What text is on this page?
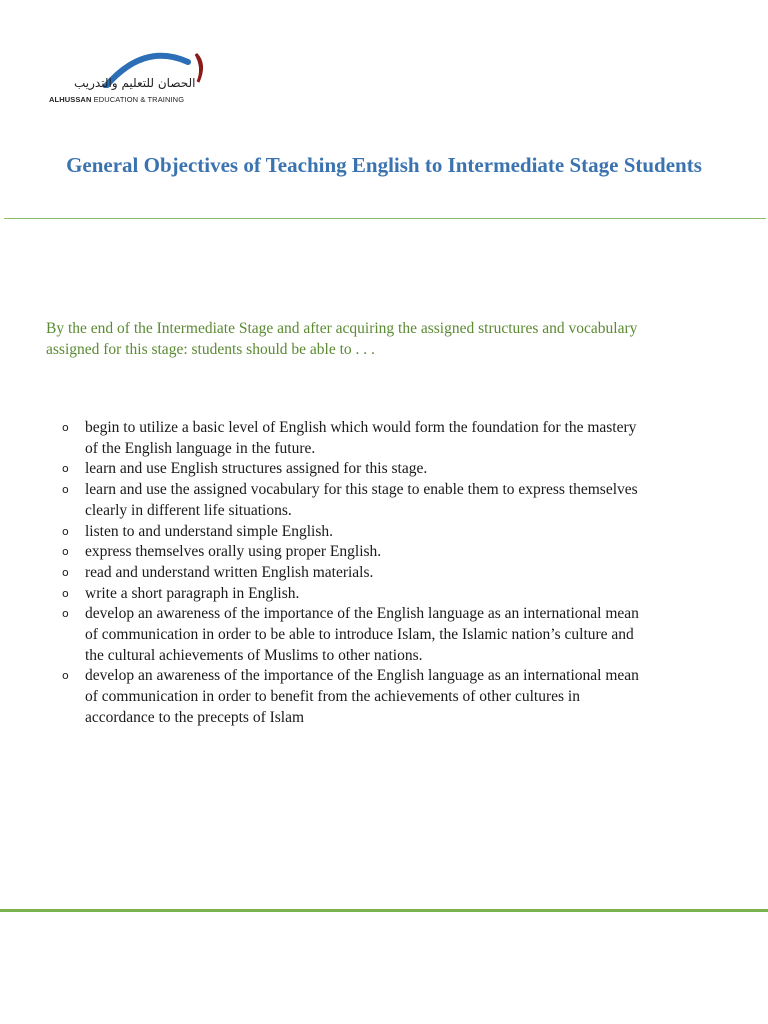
الحصان للتعليم والتدريب
ALHUSSAN EDUCATION & TRAINING
General Objectives of Teaching English to Intermediate Stage Students

By the end of the Intermediate Stage and after acquiring the assigned structures and vocabulary
assigned for this stage: students should be able to . . .

o begin to utilize a basic level of English which would form the foundation for the mastery
of the English language in the future.
o learn and use English structures assigned for this stage.
o learn and use the assigned vocabulary for this stage to enable them to express themselves
clearly in different life situations.
o listen to and understand simple English.
o express themselves orally using proper English.
o read and understand written English materials.
o write a short paragraph in English.
o develop an awareness of the importance of the English language as an international mean
of communication in order to be able to introduce Islam, the Islamic nation’s culture and
the cultural achievements of Muslims to other nations.
o develop an awareness of the importance of the English language as an international mean
of communication in order to benefit from the achievements of other cultures in
accordance to the precepts of Islam
